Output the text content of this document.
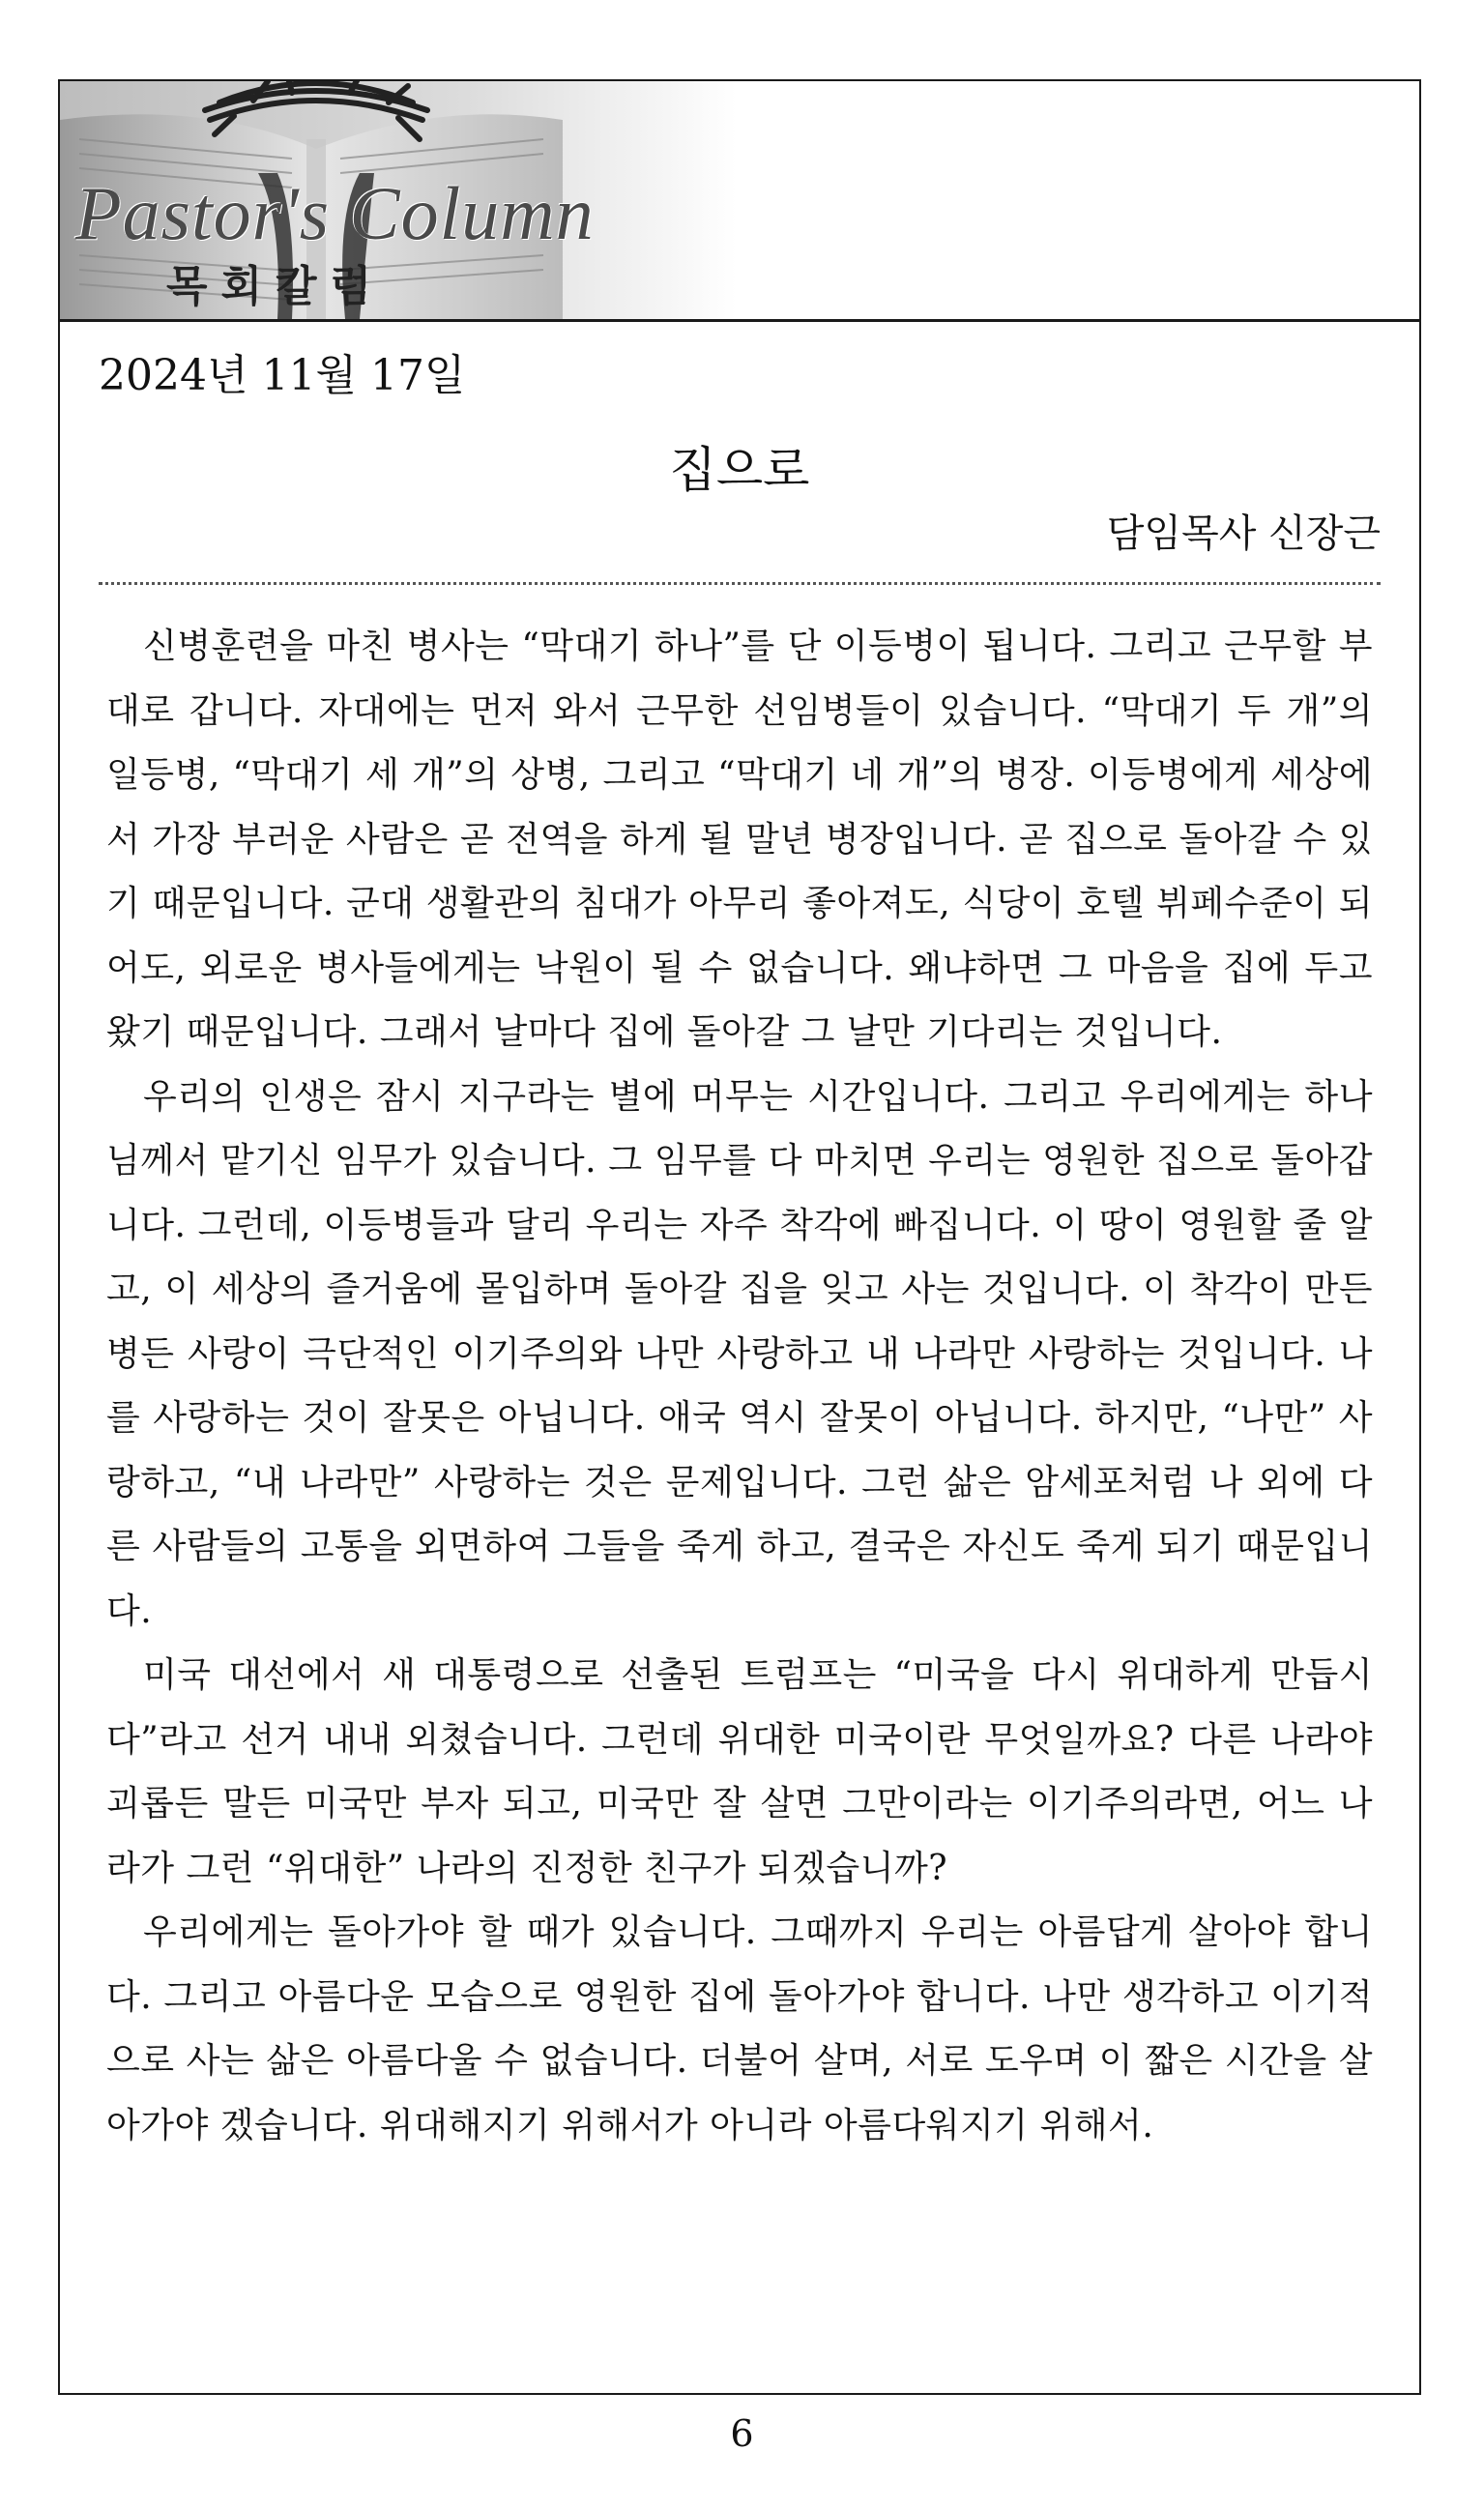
Pastor's Column
목회칼럼
2024년 11월 17일
집으로
담임목사 신장근

신병훈련을 마친 병사는 “막대기 하나”를 단 이등병이 됩니다. 그리고 근무할 부대로 갑니다. 자대에는 먼저 와서 근무한 선임병들이 있습니다. “막대기 두 개”의 일등병, “막대기 세 개”의 상병, 그리고 “막대기 네 개”의 병장. 이등병에게 세상에서 가장 부러운 사람은 곧 전역을 하게 될 말년 병장입니다. 곧 집으로 돌아갈 수 있기 때문입니다. 군대 생활관의 침대가 아무리 좋아져도, 식당이 호텔 뷔페수준이 되어도, 외로운 병사들에게는 낙원이 될 수 없습니다. 왜냐하면 그 마음을 집에 두고 왔기 때문입니다. 그래서 날마다 집에 돌아갈 그 날만 기다리는 것입니다.

우리의 인생은 잠시 지구라는 별에 머무는 시간입니다. 그리고 우리에게는 하나님께서 맡기신 임무가 있습니다. 그 임무를 다 마치면 우리는 영원한 집으로 돌아갑니다. 그런데, 이등병들과 달리 우리는 자주 착각에 빠집니다. 이 땅이 영원할 줄 알고, 이 세상의 즐거움에 몰입하며 돌아갈 집을 잊고 사는 것입니다. 이 착각이 만든 병든 사랑이 극단적인 이기주의와 나만 사랑하고 내 나라만 사랑하는 것입니다. 나를 사랑하는 것이 잘못은 아닙니다. 애국 역시 잘못이 아닙니다. 하지만, “나만” 사랑하고, “내 나라만” 사랑하는 것은 문제입니다. 그런 삶은 암세포처럼 나 외에 다른 사람들의 고통을 외면하여 그들을 죽게 하고, 결국은 자신도 죽게 되기 때문입니다.

미국 대선에서 새 대통령으로 선출된 트럼프는 “미국을 다시 위대하게 만듭시다”라고 선거 내내 외쳤습니다. 그런데 위대한 미국이란 무엇일까요? 다른 나라야 괴롭든 말든 미국만 부자 되고, 미국만 잘 살면 그만이라는 이기주의라면, 어느 나라가 그런 “위대한” 나라의 진정한 친구가 되겠습니까?

우리에게는 돌아가야 할 때가 있습니다. 그때까지 우리는 아름답게 살아야 합니다. 그리고 아름다운 모습으로 영원한 집에 돌아가야 합니다. 나만 생각하고 이기적으로 사는 삶은 아름다울 수 없습니다. 더불어 살며, 서로 도우며 이 짧은 시간을 살아가야 겠습니다. 위대해지기 위해서가 아니라 아름다워지기 위해서.

6
